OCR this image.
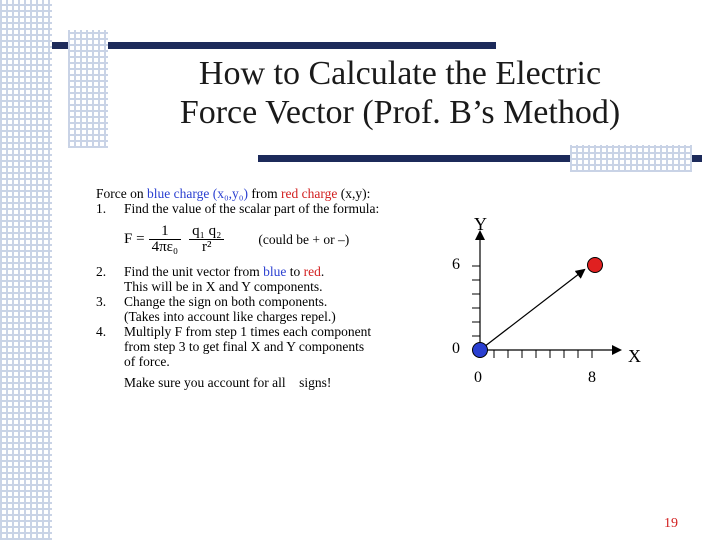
How to Calculate the Electric
Force Vector (Prof. B’s Method)
Force on blue charge (x₀,y₀) from red charge (x,y):
1.	Find the value of the scalar part of the formula:
$F = \frac{1}{\text{4πε₀}} \frac{\text{q₁ q₂}}{\text{r²}}$	(could be + or –)
2.	Find the unit vector from blue to red.
This will be in X and Y components.
3.	Change the sign on both components.
(Takes into account like charges repel.)
4.	Multiply F from step 1 times each component
from step 3 to get final X and Y components
of force.
Make sure you account for all    signs!
Y
X
6
0
0	8
19
